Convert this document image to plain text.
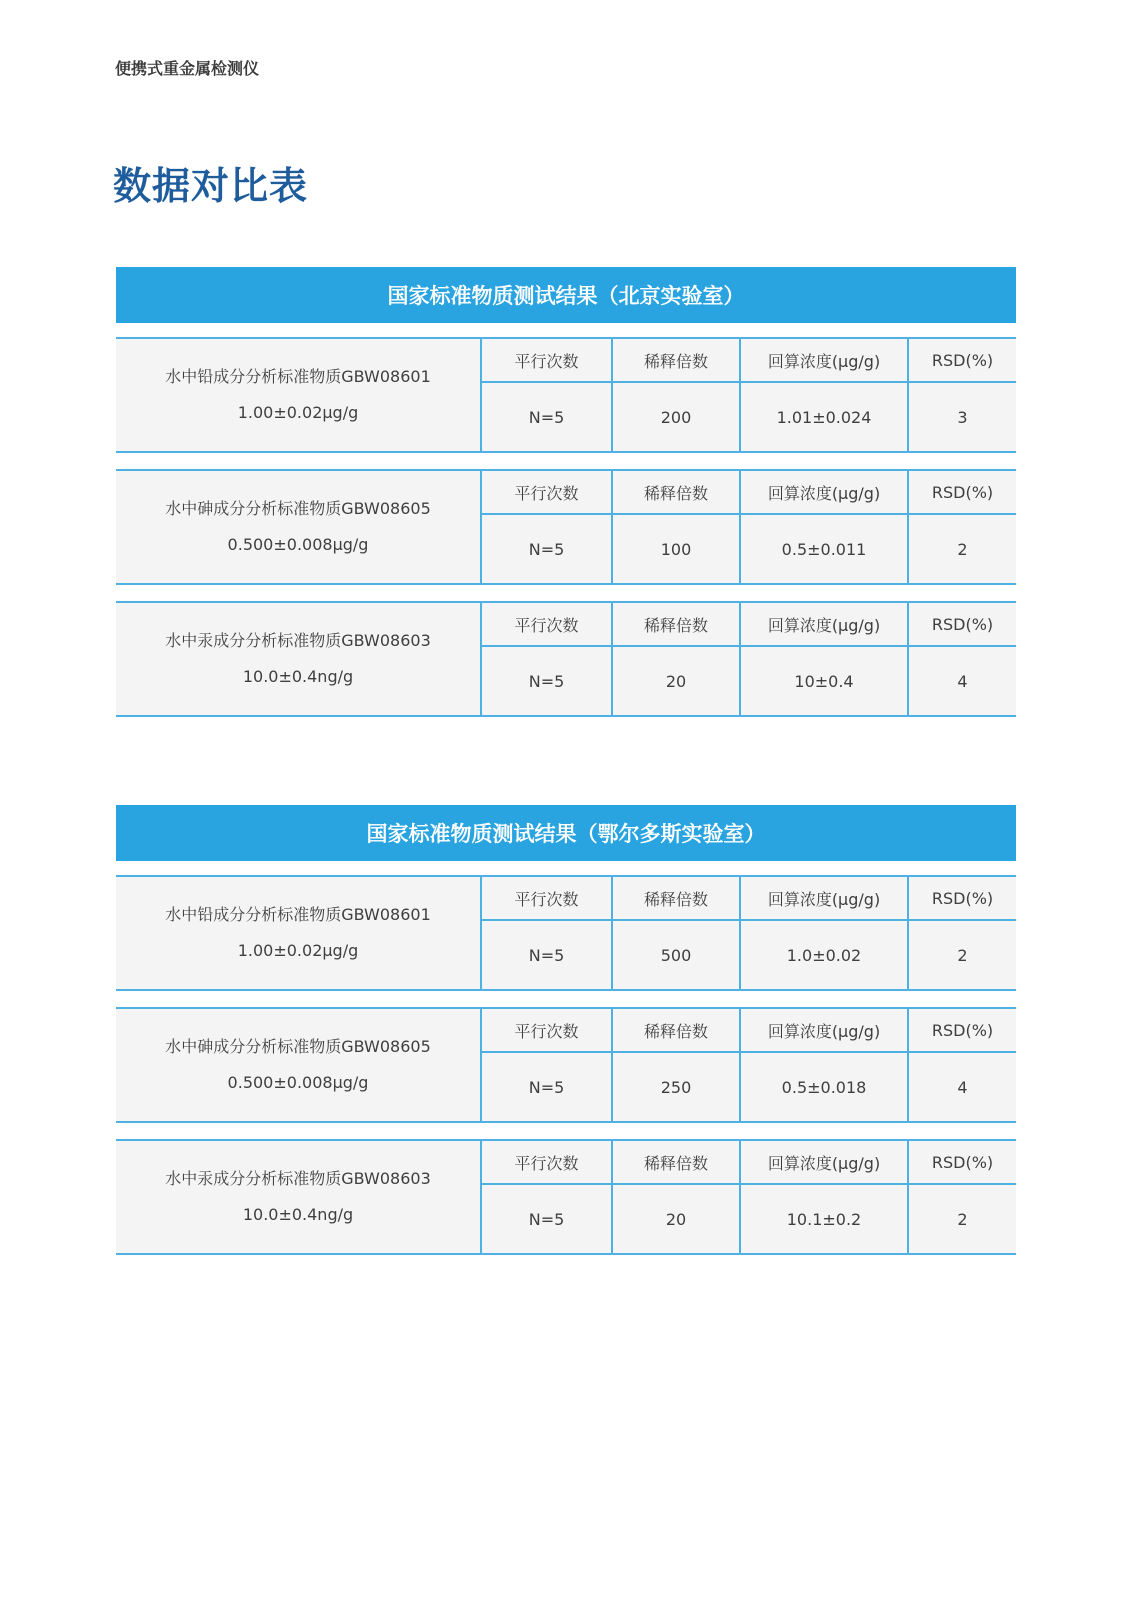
便携式重金属检测仪
数据对比表
国家标准物质测试结果（北京实验室）
水中铅成分分析标准物质GBW08601
1.00±0.02μg/g
平行次数	稀释倍数	回算浓度(μg/g)	RSD(%)
N=5	200	1.01±0.024	3
水中砷成分分析标准物质GBW08605
0.500±0.008μg/g
平行次数	稀释倍数	回算浓度(μg/g)	RSD(%)
N=5	100	0.5±0.011	2
水中汞成分分析标准物质GBW08603
10.0±0.4ng/g
平行次数	稀释倍数	回算浓度(μg/g)	RSD(%)
N=5	20	10±0.4	4
国家标准物质测试结果（鄂尔多斯实验室）
水中铅成分分析标准物质GBW08601
1.00±0.02μg/g
平行次数	稀释倍数	回算浓度(μg/g)	RSD(%)
N=5	500	1.0±0.02	2
水中砷成分分析标准物质GBW08605
0.500±0.008μg/g
平行次数	稀释倍数	回算浓度(μg/g)	RSD(%)
N=5	250	0.5±0.018	4
水中汞成分分析标准物质GBW08603
10.0±0.4ng/g
平行次数	稀释倍数	回算浓度(μg/g)	RSD(%)
N=5	20	10.1±0.2	2
